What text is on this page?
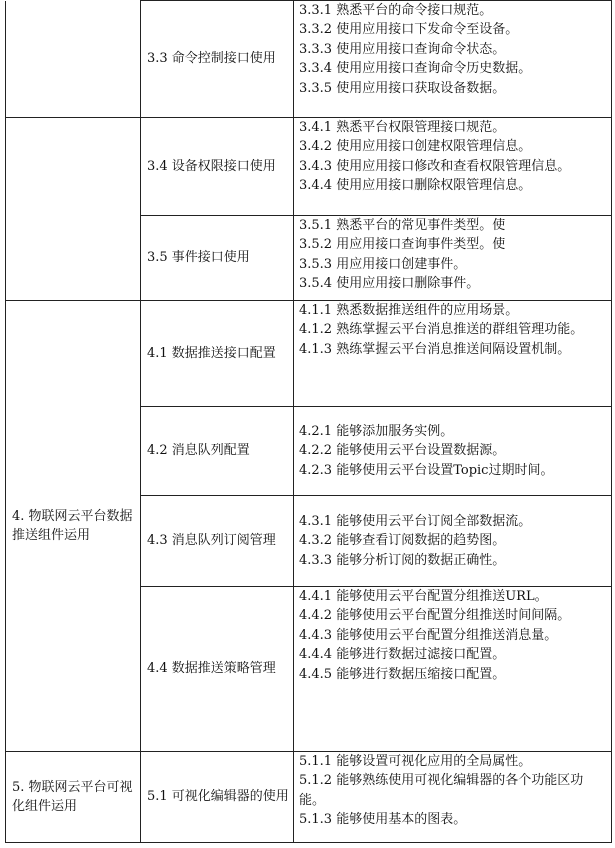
	3.3 命令控制接口使用	3.3.1 熟悉平台的命令接口规范。
3.3.2 使用应用接口下发命令至设备。
3.3.3 使用应用接口查询命令状态。
3.3.4 使用应用接口查询命令历史数据。
3.3.5 使用应用接口获取设备数据。

	3.4 设备权限接口使用	3.4.1 熟悉平台权限管理接口规范。
3.4.2 使用应用接口创建权限管理信息。
3.4.3 使用应用接口修改和查看权限管理信息。
3.4.4 使用应用接口删除权限管理信息。

	3.5 事件接口使用	3.5.1 熟悉平台的常见事件类型。使
3.5.2 用应用接口查询事件类型。使
3.5.3 用应用接口创建事件。
3.5.4 使用应用接口删除事件。

4. 物联网云平台数据推送组件运用	4.1 数据推送接口配置	4.1.1 熟悉数据推送组件的应用场景。
4.1.2 熟练掌握云平台消息推送的群组管理功能。
4.1.3 熟练掌握云平台消息推送间隔设置机制。

	4.2 消息队列配置	4.2.1 能够添加服务实例。
4.2.2 能够使用云平台设置数据源。
4.2.3 能够使用云平台设置Topic过期时间。

	4.3 消息队列订阅管理	4.3.1 能够使用云平台订阅全部数据流。
4.3.2 能够查看订阅数据的趋势图。
4.3.3 能够分析订阅的数据正确性。

	4.4 数据推送策略管理	4.4.1 能够使用云平台配置分组推送URL。
4.4.2 能够使用云平台配置分组推送时间间隔。
4.4.3 能够使用云平台配置分组推送消息量。
4.4.4 能够进行数据过滤接口配置。
4.4.5 能够进行数据压缩接口配置。

5. 物联网云平台可视化组件运用	5.1 可视化编辑器的使用	5.1.1 能够设置可视化应用的全局属性。
5.1.2 能够熟练使用可视化编辑器的各个功能区功能。
5.1.3 能够使用基本的图表。
